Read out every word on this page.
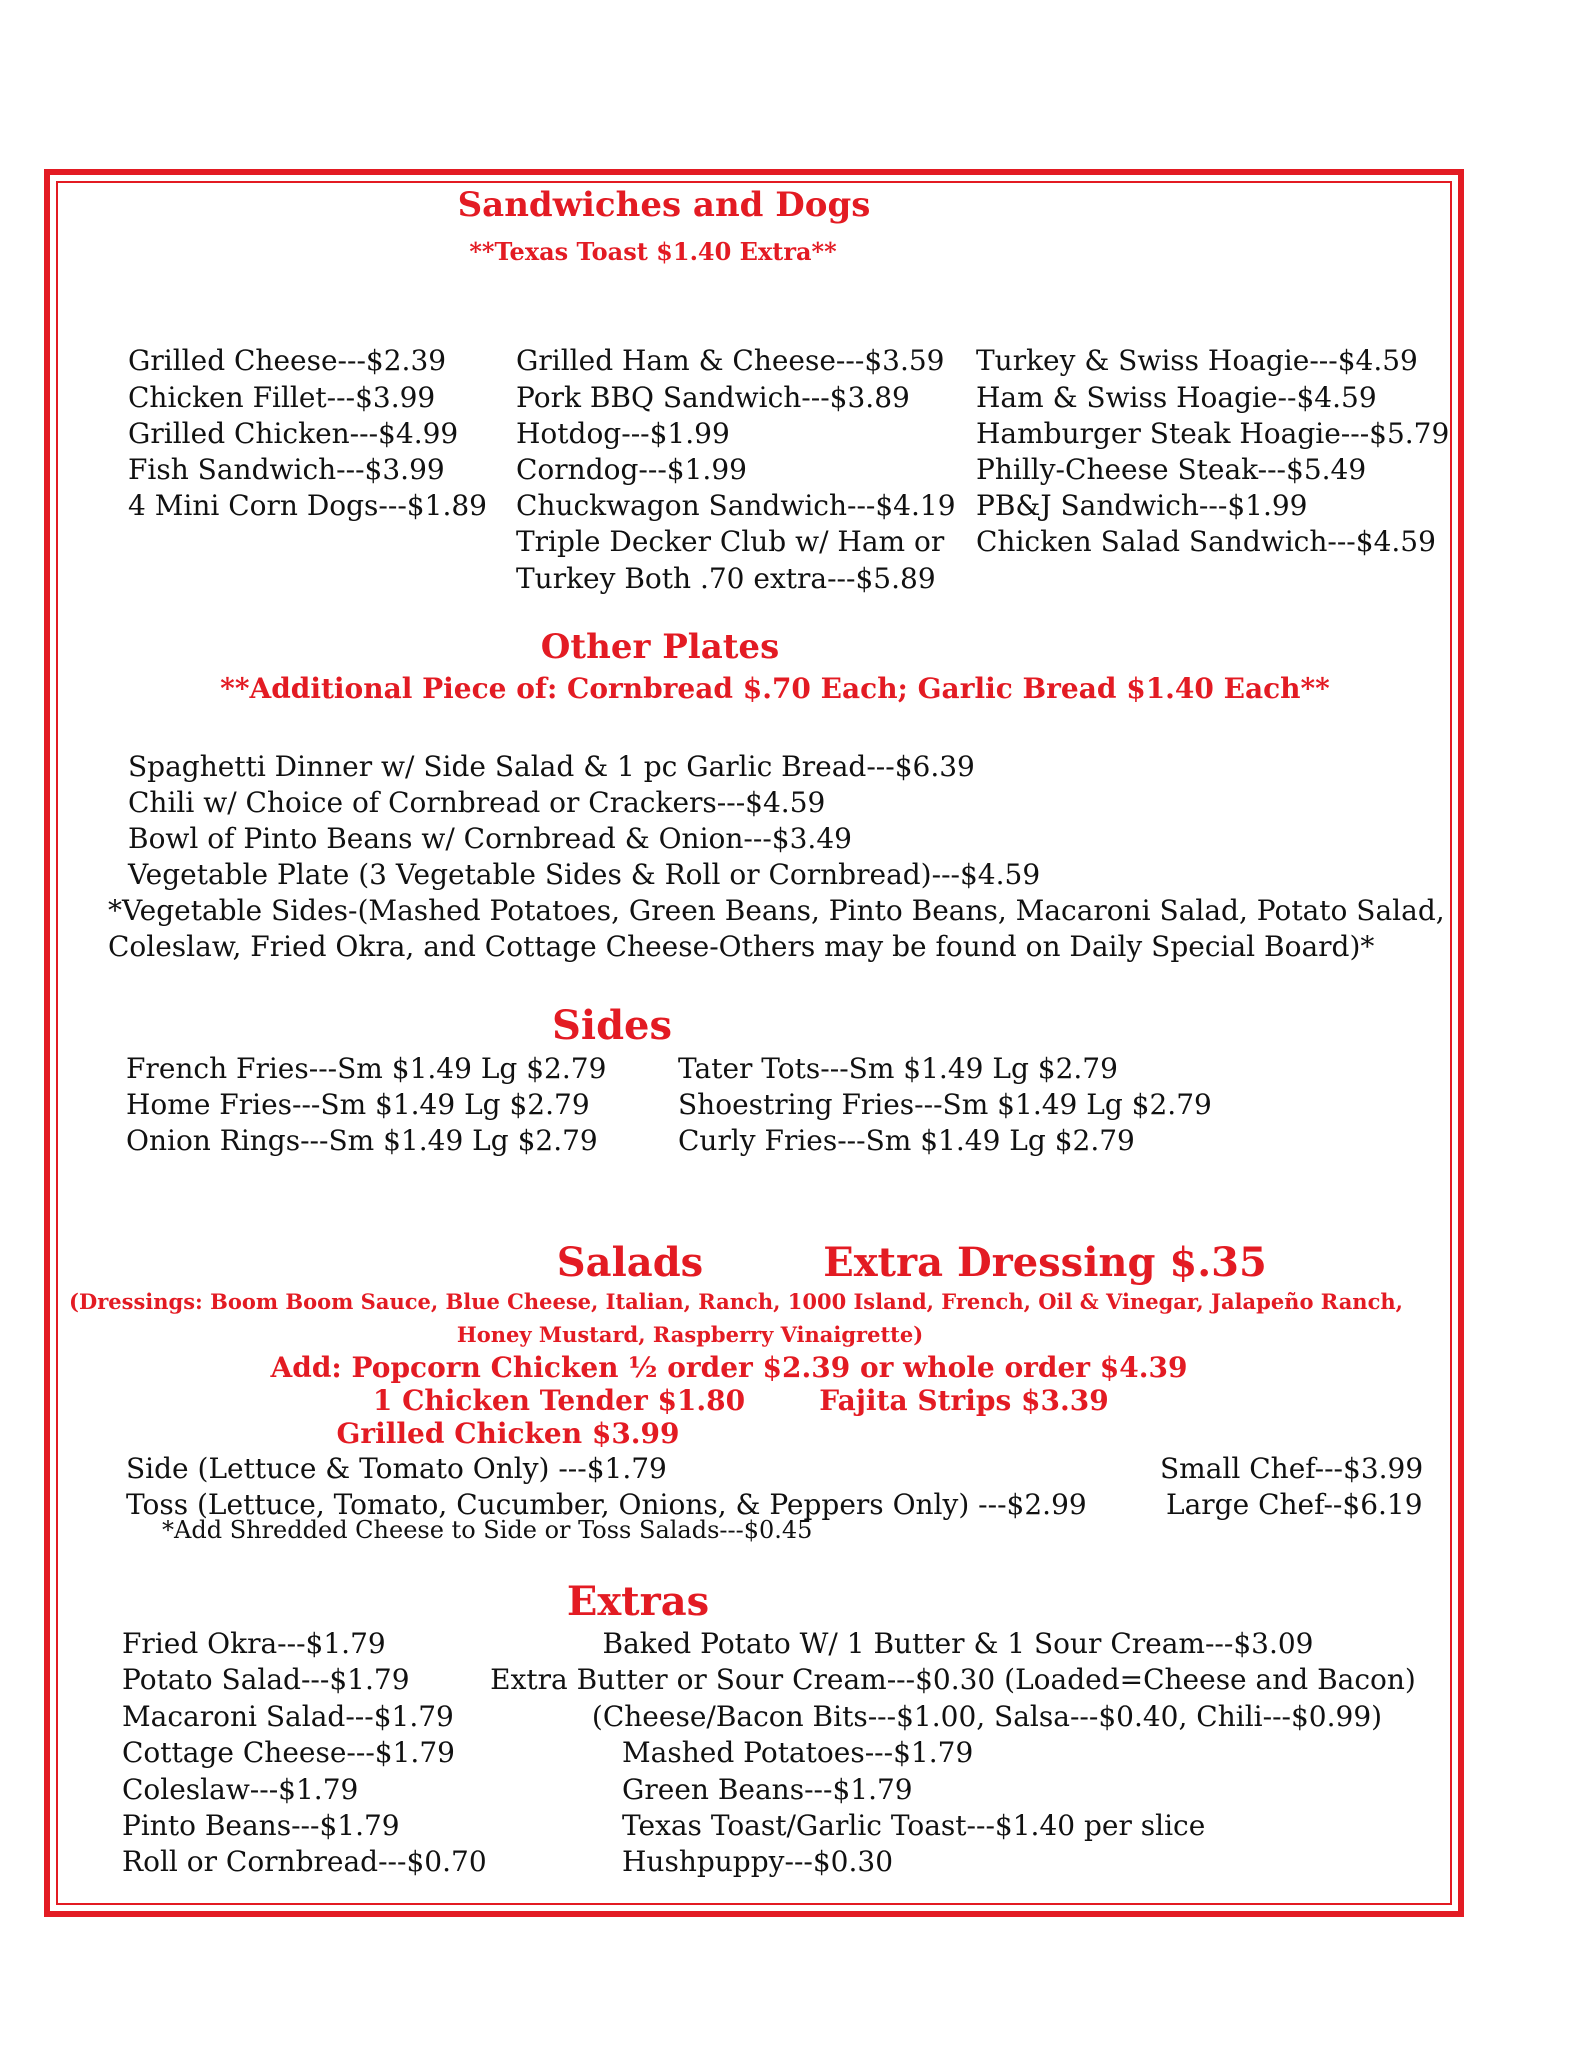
Sandwiches and Dogs
**Texas Toast $1.40 Extra**
Grilled Cheese---$2.39
Chicken Fillet---$3.99
Grilled Chicken---$4.99
Fish Sandwich---$3.99
4 Mini Corn Dogs---$1.89
Grilled Ham & Cheese---$3.59
Pork BBQ Sandwich---$3.89
Hotdog---$1.99
Corndog---$1.99
Chuckwagon Sandwich---$4.19
Triple Decker Club w/ Ham or
Turkey Both .70 extra---$5.89
Turkey & Swiss Hoagie---$4.59
Ham & Swiss Hoagie--$4.59
Hamburger Steak Hoagie---$5.79
Philly-Cheese Steak---$5.49
PB&J Sandwich---$1.99
Chicken Salad Sandwich---$4.59
Other Plates
**Additional Piece of: Cornbread $.70 Each; Garlic Bread $1.40 Each**
Spaghetti Dinner w/ Side Salad & 1 pc Garlic Bread---$6.39
Chili w/ Choice of Cornbread or Crackers---$4.59
Bowl of Pinto Beans w/ Cornbread & Onion---$3.49
Vegetable Plate (3 Vegetable Sides & Roll or Cornbread)---$4.59
*Vegetable Sides-(Mashed Potatoes, Green Beans, Pinto Beans, Macaroni Salad, Potato Salad,
Coleslaw, Fried Okra, and Cottage Cheese-Others may be found on Daily Special Board)*
Sides
French Fries---Sm $1.49 Lg $2.79
Home Fries---Sm $1.49 Lg $2.79
Onion Rings---Sm $1.49 Lg $2.79
Tater Tots---Sm $1.49 Lg $2.79
Shoestring Fries---Sm $1.49 Lg $2.79
Curly Fries---Sm $1.49 Lg $2.79
Salads	Extra Dressing $.35
(Dressings: Boom Boom Sauce, Blue Cheese, Italian, Ranch, 1000 Island, French, Oil & Vinegar, Jalapeño Ranch,
Honey Mustard, Raspberry Vinaigrette)
Add: Popcorn Chicken ½ order $2.39 or whole order $4.39
1 Chicken Tender $1.80	Fajita Strips $3.39
Grilled Chicken $3.99
Side (Lettuce & Tomato Only) ---$1.79
Toss (Lettuce, Tomato, Cucumber, Onions, & Peppers Only) ---$2.99
*Add Shredded Cheese to Side or Toss Salads---$0.45
Small Chef---$3.99
Large Chef--$6.19
Extras
Fried Okra---$1.79
Potato Salad---$1.79
Macaroni Salad---$1.79
Cottage Cheese---$1.79
Coleslaw---$1.79
Pinto Beans---$1.79
Roll or Cornbread---$0.70
Baked Potato W/ 1 Butter & 1 Sour Cream---$3.09
Extra Butter or Sour Cream---$0.30 (Loaded=Cheese and Bacon)
(Cheese/Bacon Bits---$1.00, Salsa---$0.40, Chili---$0.99)
Mashed Potatoes---$1.79
Green Beans---$1.79
Texas Toast/Garlic Toast---$1.40 per slice
Hushpuppy---$0.30
